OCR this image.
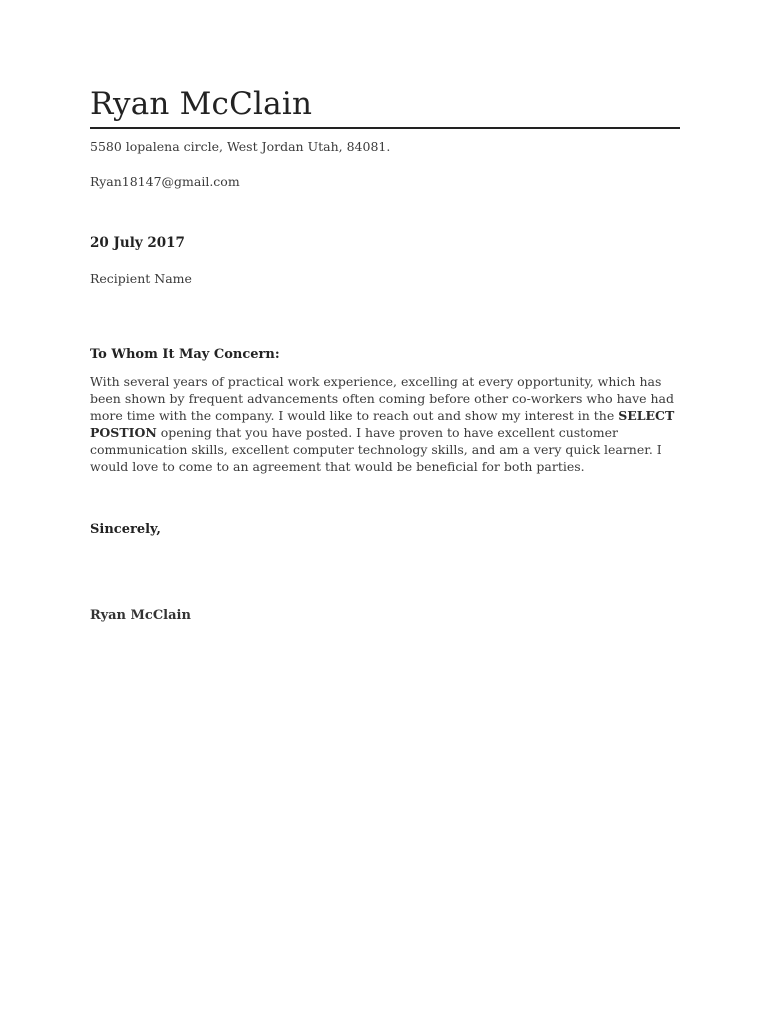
Ryan McClain

5580 lopalena circle, West Jordan Utah, 84081.

Ryan18147@gmail.com

20 July 2017

Recipient Name

To Whom It May Concern:

With several years of practical work experience, excelling at every opportunity, which has been shown by frequent advancements often coming before other co-workers who have had more time with the company. I would like to reach out and show my interest in the SELECT POSTION opening that you have posted. I have proven to have excellent customer communication skills, excellent computer technology skills, and am a very quick learner. I would love to come to an agreement that would be beneficial for both parties.

Sincerely,

Ryan McClain
